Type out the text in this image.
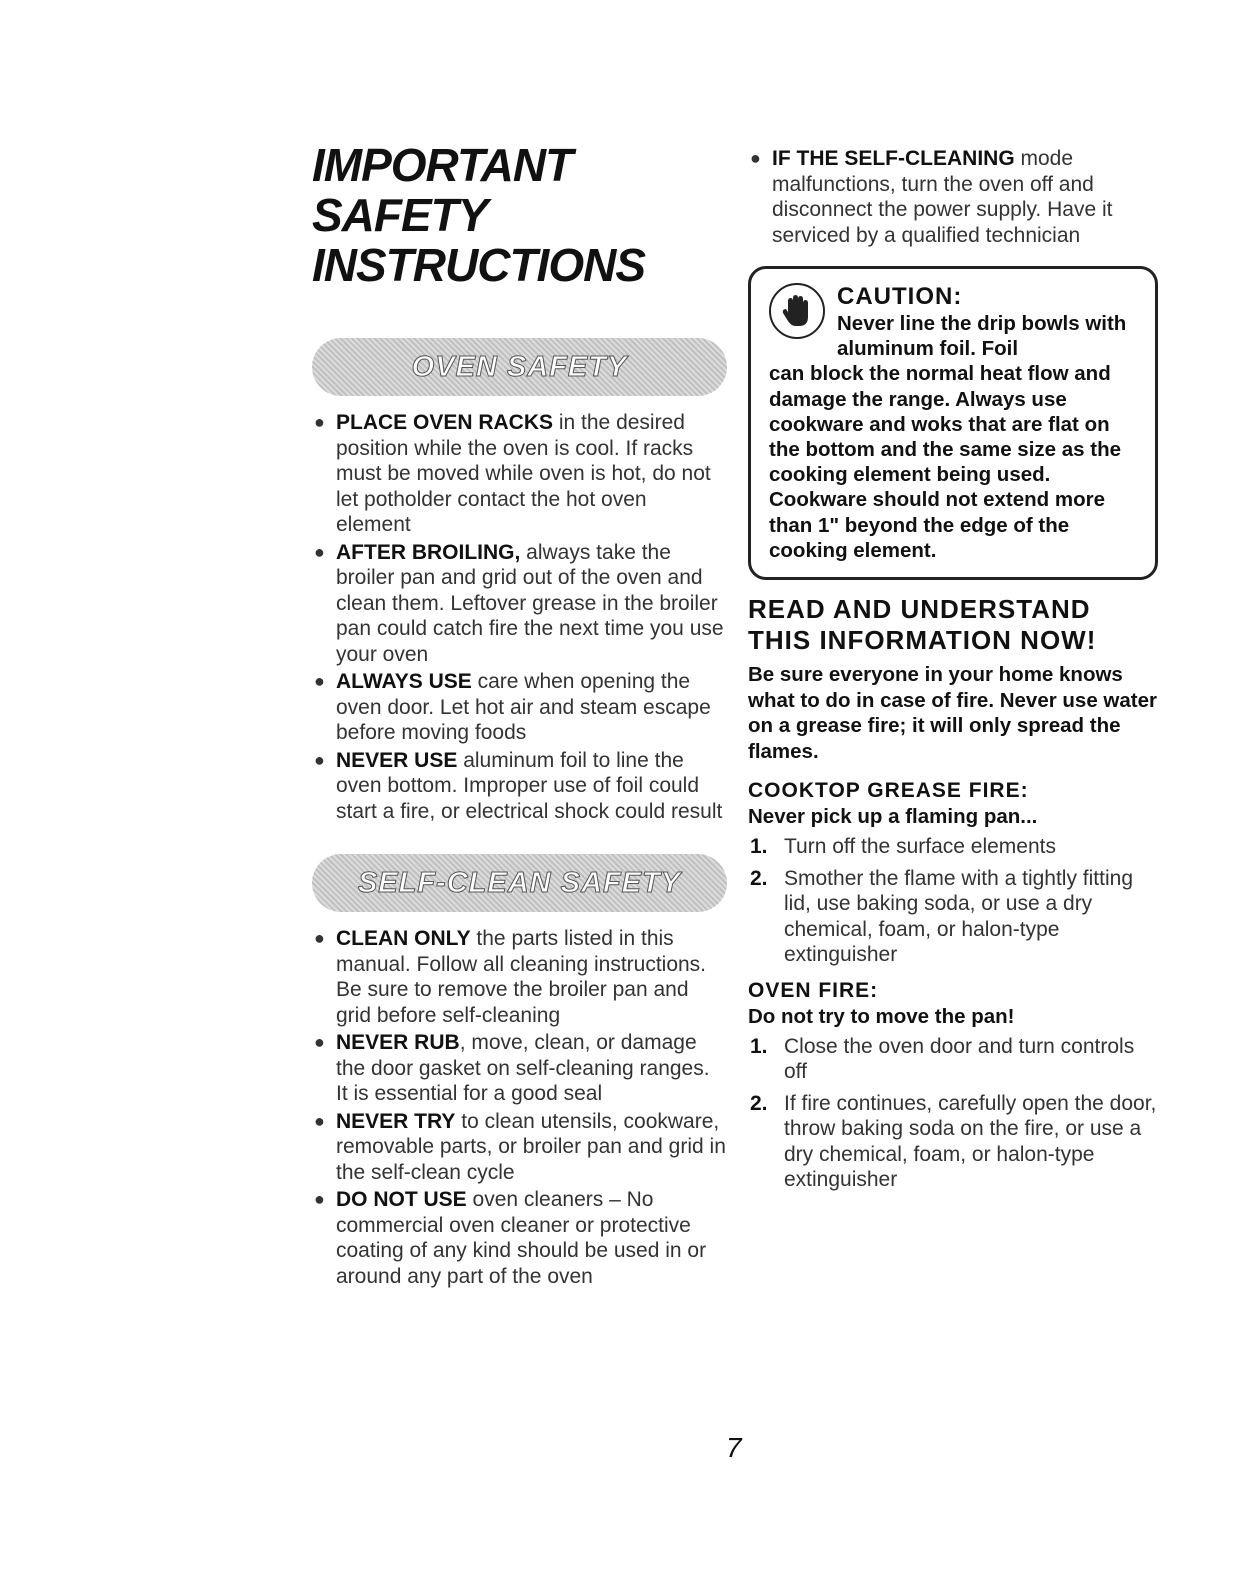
IMPORTANT SAFETY INSTRUCTIONS
OVEN SAFETY
● PLACE OVEN RACKS in the desired position while the oven is cool. If racks must be moved while oven is hot, do not let potholder contact the hot oven element
● AFTER BROILING, always take the broiler pan and grid out of the oven and clean them. Leftover grease in the broiler pan could catch fire the next time you use your oven
● ALWAYS USE care when opening the oven door. Let hot air and steam escape before moving foods
● NEVER USE aluminum foil to line the oven bottom. Improper use of foil could start a fire, or electrical shock could result
SELF-CLEAN SAFETY
● CLEAN ONLY the parts listed in this manual. Follow all cleaning instructions. Be sure to remove the broiler pan and grid before self-cleaning
● NEVER RUB, move, clean, or damage the door gasket on self-cleaning ranges. It is essential for a good seal
● NEVER TRY to clean utensils, cookware, removable parts, or broiler pan and grid in the self-clean cycle
● DO NOT USE oven cleaners – No commercial oven cleaner or protective coating of any kind should be used in or around any part of the oven
● IF THE SELF-CLEANING mode malfunctions, turn the oven off and disconnect the power supply. Have it serviced by a qualified technician
CAUTION:
Never line the drip bowls with aluminum foil. Foil
can block the normal heat flow and damage the range. Always use cookware and woks that are flat on the bottom and the same size as the cooking element being used. Cookware should not extend more than 1" beyond the edge of the cooking element.
READ AND UNDERSTAND THIS INFORMATION NOW!

Be sure everyone in your home knows what to do in case of fire. Never use water on a grease fire; it will only spread the flames.

COOKTOP GREASE FIRE:

Never pick up a flaming pan...

1. Turn off the surface elements
2. Smother the flame with a tightly fitting lid, use baking soda, or use a dry chemical, foam, or halon-type extinguisher
OVEN FIRE:

Do not try to move the pan!

1. Close the oven door and turn controls off
2. If fire continues, carefully open the door, throw baking soda on the fire, or use a dry chemical, foam, or halon-type extinguisher
7
